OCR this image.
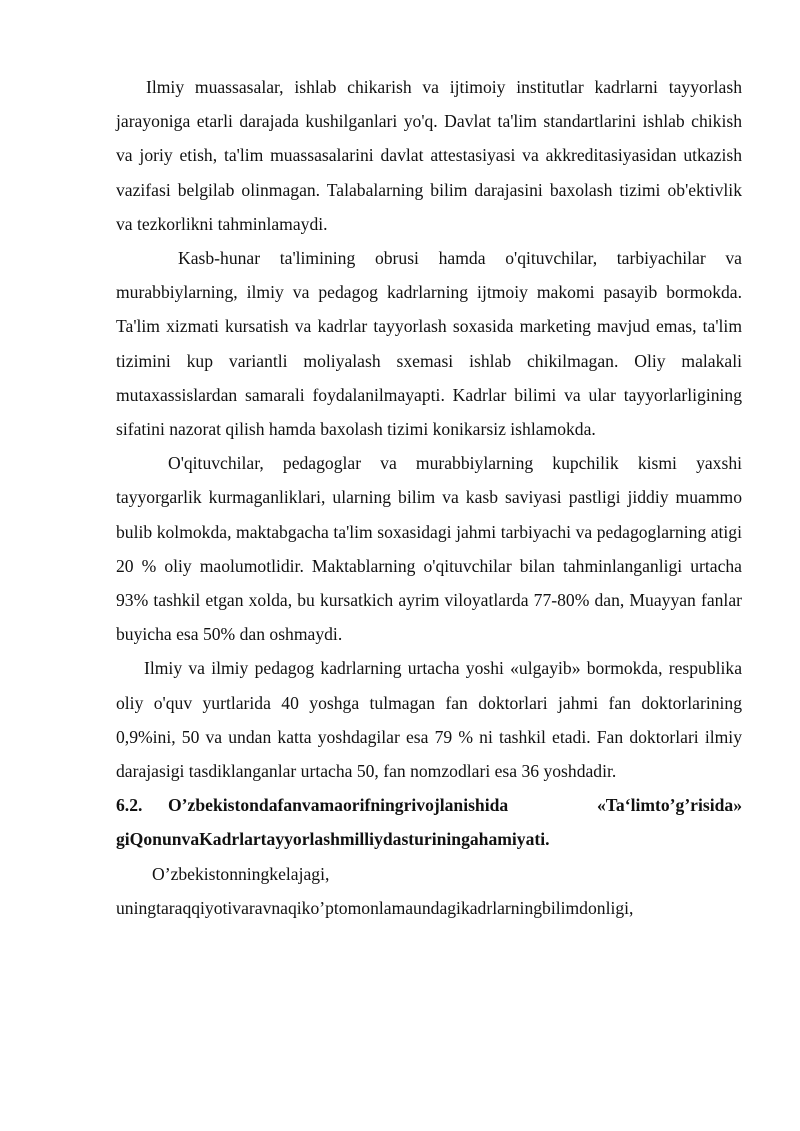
Ilmiy muassasalar, ishlab chikarish va ijtimoiy institutlar kadrlarni tayyorlash jarayoniga etarli darajada kushilganlari yo'q. Davlat ta'lim standartlarini ishlab chikish va joriy etish, ta'lim muassasalarini davlat attestasiyasi va akkreditasiyasidan utkazish vazifasi belgilab olinmagan. Talabalarning bilim darajasini baxolash tizimi ob'ektivlik va tezkorlikni tahminlamaydi.

Kasb-hunar ta'limining obrusi hamda o'qituvchilar, tarbiyachilar va murabbiylarning, ilmiy va pedagog kadrlarning ijtmoiy makomi pasayib bormokda. Ta'lim xizmati kursatish va kadrlar tayyorlash soxasida marketing mavjud emas, ta'lim tizimini kup variantli moliyalash sxemasi ishlab chikilmagan. Oliy malakali mutaxassislardan samarali foydalanilmayapti. Kadrlar bilimi va ular tayyorlarligining sifatini nazorat qilish hamda baxolash tizimi konikarsiz ishlamokda.

O'qituvchilar, pedagoglar va murabbiylarning kupchilik kismi yaxshi tayyorgarlik kurmaganliklari, ularning bilim va kasb saviyasi pastligi jiddiy muammo bulib kolmokda, maktabgacha ta'lim soxasidagi jahmi tarbiyachi va pedagoglarning atigi 20 % oliy maolumotlidir. Maktablarning o'qituvchilar bilan tahminlanganligi urtacha 93% tashkil etgan xolda, bu kursatkich ayrim viloyatlarda 77-80% dan, Muayyan fanlar buyicha esa 50% dan oshmaydi.

Ilmiy va ilmiy pedagog kadrlarning urtacha yoshi «ulgayib» bormokda, respublika oliy o'quv yurtlarida 40 yoshga tulmagan fan doktorlari jahmi fan doktorlarining 0,9%ini, 50 va undan katta yoshdagilar esa 79 % ni tashkil etadi. Fan doktorlari ilmiy darajasigi tasdiklanganlar urtacha 50, fan nomzodlari esa 36 yoshdadir.

6.2. O’zbekistondafanvamaorifningrivojlanishida «Ta‘limto’g’risida»

giQonunvaKadrlartayyorlashmilliydasturiningahamiyati.

O’zbekistonningkelajagi,

uningtaraqqiyotivaravnaqiko’ptomonlamaundagikadrlarningbilimdonligi,
